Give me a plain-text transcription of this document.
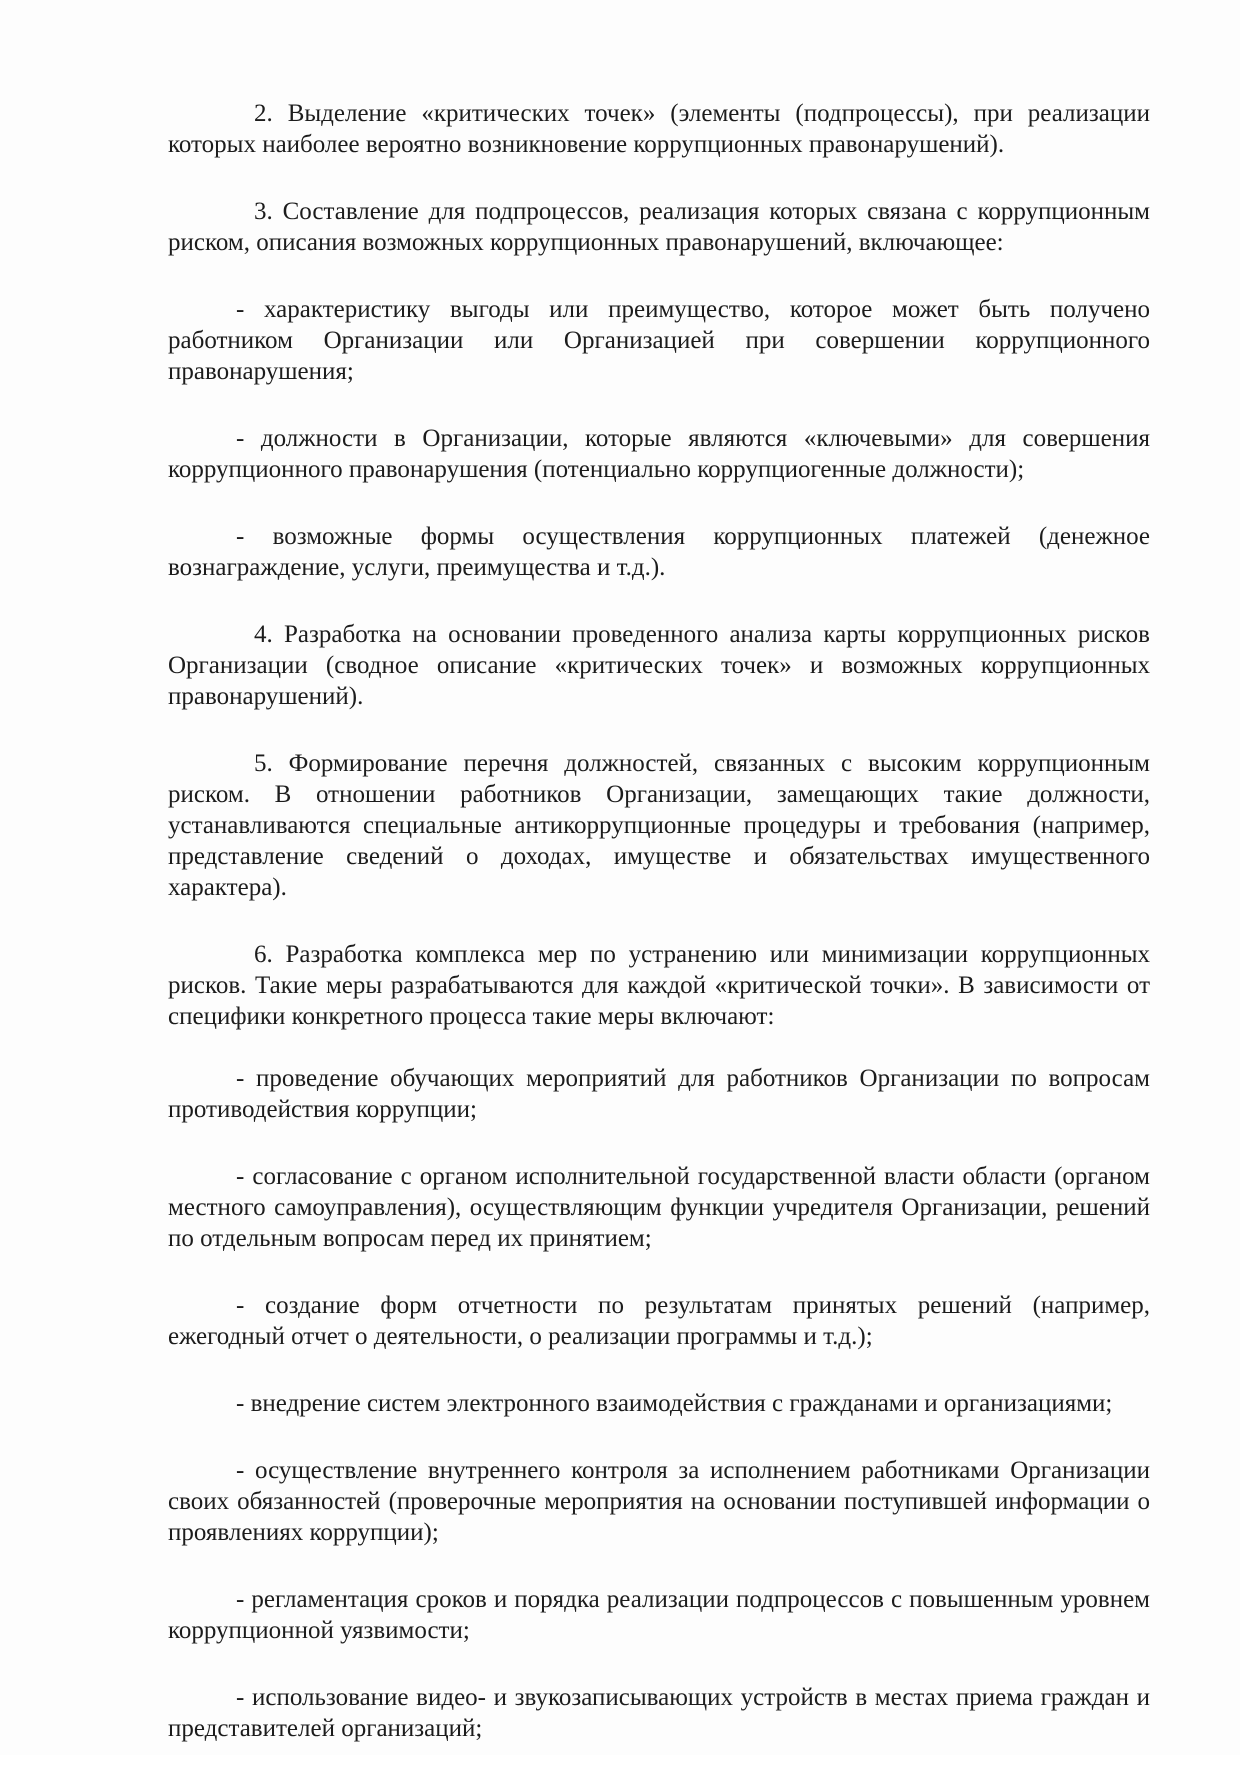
2. Выделение «критических точек» (элементы (подпроцессы), при реализации которых наиболее вероятно возникновение коррупционных правонарушений).

3. Составление для подпроцессов, реализация которых связана с коррупционным риском, описания возможных коррупционных правонарушений, включающее:

- характеристику выгоды или преимущество, которое может быть получено работником Организации или Организацией при совершении коррупционного правонарушения;

- должности в Организации, которые являются «ключевыми» для совершения коррупционного правонарушения (потенциально коррупциогенные должности);

- возможные формы осуществления коррупционных платежей (денежное вознаграждение, услуги, преимущества и т.д.).

4. Разработка на основании проведенного анализа карты коррупционных рисков Организации (сводное описание «критических точек» и возможных коррупционных правонарушений).

5. Формирование перечня должностей, связанных с высоким коррупционным риском. В отношении работников Организации, замещающих такие должности, устанавливаются специальные антикоррупционные процедуры и требования (например, представление сведений о доходах, имуществе и обязательствах имущественного характера).

6. Разработка комплекса мер по устранению или минимизации коррупционных рисков. Такие меры разрабатываются для каждой «критической точки». В зависимости от специфики конкретного процесса такие меры включают:

- проведение обучающих мероприятий для работников Организации по вопросам противодействия коррупции;

- согласование с органом исполнительной государственной власти области (органом местного самоуправления), осуществляющим функции учредителя Организации, решений по отдельным вопросам перед их принятием;

- создание форм отчетности по результатам принятых решений (например, ежегодный отчет о деятельности, о реализации программы и т.д.);

- внедрение систем электронного взаимодействия с гражданами и организациями;

- осуществление внутреннего контроля за исполнением работниками Организации своих обязанностей (проверочные мероприятия на основании поступившей информации о проявлениях коррупции);

- регламентация сроков и порядка реализации подпроцессов с повышенным уровнем коррупционной уязвимости;

- использование видео- и звукозаписывающих устройств в местах приема граждан и представителей организаций;
